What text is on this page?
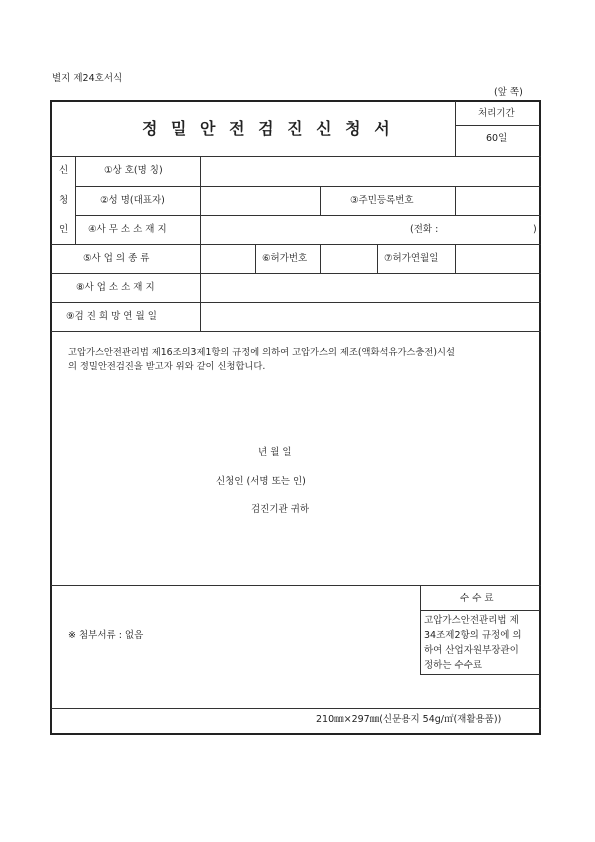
별지 제24호서식
(앞 쪽)
정 밀 안 전 검 진 신 청 서
처리기간
60일
신
청
인
①상 호(명 칭)
②성 명(대표자)	③주민등록번호
④사 무 소 소 재 지	(전화 :	)
⑤사 업 의 종 류	⑥허가번호	⑦허가연월일
⑧사 업 소 소 재 지
⑨검 진 희 망 연 월 일
고압가스안전관리법 제16조의3제1항의 규정에 의하여 고압가스의 제조(액화석유가스충전)시설
의 정밀안전검진을 받고자 위와 같이 신청합니다.
년 월 일
신청인 (서명 또는 인)
검진기관 귀하
※ 첨부서류 : 없음
수 수 료
고압가스안전관리법 제
34조제2항의 규정에 의
하여 산업자원부장관이
정하는 수수료
210㎜×297㎜(신문용지 54g/㎡(재활용품))
